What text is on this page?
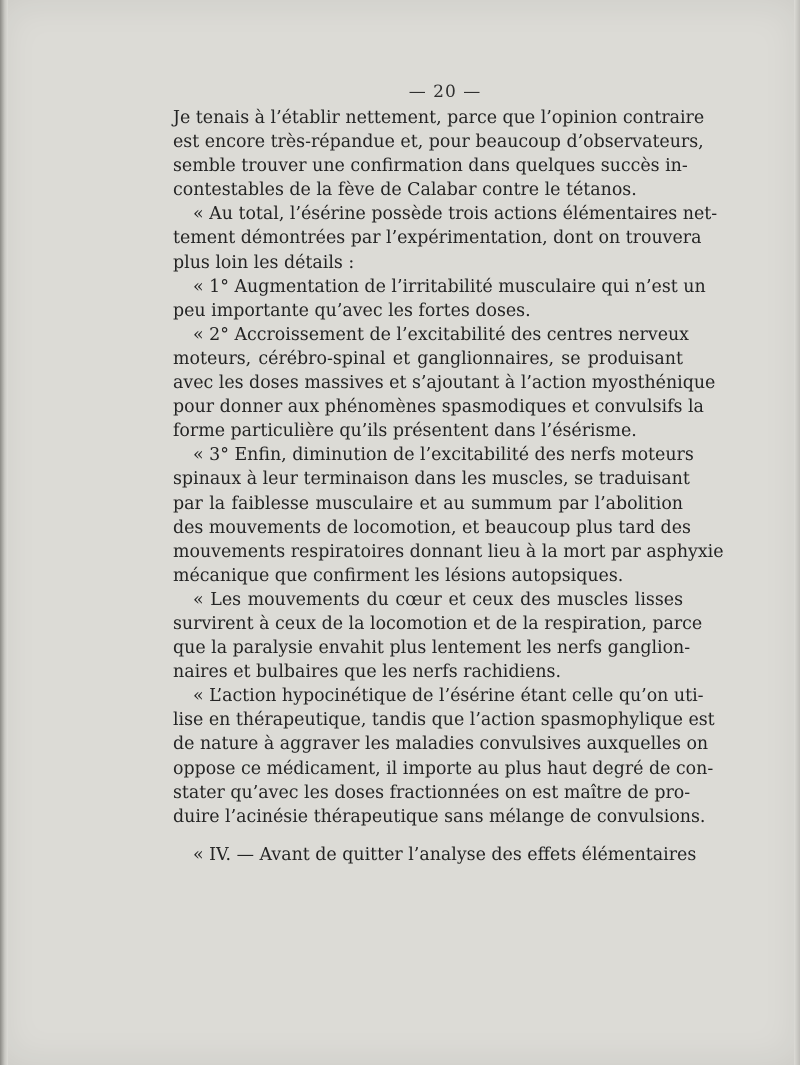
— 20 —
Je tenais à l’établir nettement, parce que l’opinion contraire
est encore très-répandue et, pour beaucoup d’observateurs,
semble trouver une confirmation dans quelques succès in-
contestables de la fève de Calabar contre le tétanos.
« Au total, l’ésérine possède trois actions élémentaires net-
tement démontrées par l’expérimentation, dont on trouvera
plus loin les détails :
« 1° Augmentation de l’irritabilité musculaire qui n’est un
peu importante qu’avec les fortes doses.
« 2° Accroissement de l’excitabilité des centres nerveux
moteurs, cérébro-spinal et ganglionnaires, se produisant
avec les doses massives et s’ajoutant à l’action myosthénique
pour donner aux phénomènes spasmodiques et convulsifs la
forme particulière qu’ils présentent dans l’ésérisme.
« 3° Enfin, diminution de l’excitabilité des nerfs moteurs
spinaux à leur terminaison dans les muscles, se traduisant
par la faiblesse musculaire et au summum par l’abolition
des mouvements de locomotion, et beaucoup plus tard des
mouvements respiratoires donnant lieu à la mort par asphyxie
mécanique que confirment les lésions autopsiques.
« Les mouvements du cœur et ceux des muscles lisses
survirent à ceux de la locomotion et de la respiration, parce
que la paralysie envahit plus lentement les nerfs ganglion-
naires et bulbaires que les nerfs rachidiens.
« L’action hypocinétique de l’ésérine étant celle qu’on uti-
lise en thérapeutique, tandis que l’action spasmophylique est
de nature à aggraver les maladies convulsives auxquelles on
oppose ce médicament, il importe au plus haut degré de con-
stater qu’avec les doses fractionnées on est maître de pro-
duire l’acinésie thérapeutique sans mélange de convulsions.
« IV. — Avant de quitter l’analyse des effets élémentaires
